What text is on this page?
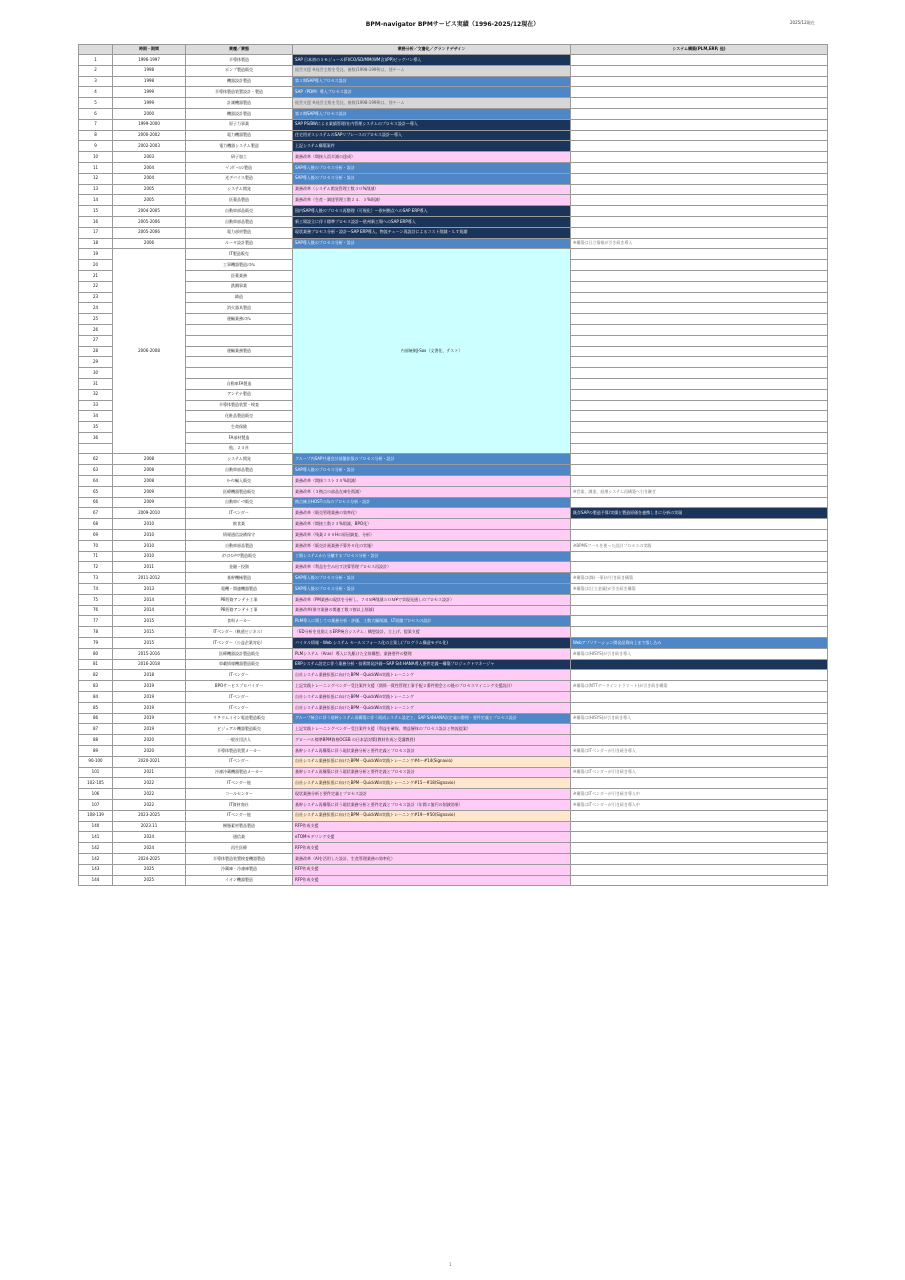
BPM-navigator BPMサービス実績（1996-2025/12現在）	2025/12現在
	時期・期間	業種／業態	業務分析／文書化／グランドデザイン	システム構築(PLM,ERP, 他)
1	1996-1997	半導体製造	SAP 日本初の５モジュール(FI/CO/SD/MM(WM含)/PP)ビッグバン導入	
2	1998	ポンプ製造販売	経営支援 ※経営全般を受託、複数(1998-1999)は、別チーム	
3	1998	機器設計製造	第１期SAP導入プロセス設計	
4	1999	半導体製造装置設計・製造	SAP（PDM）導入プロセス設計	
5	1999	計測機器製造	経営支援 ※経営全般を受託、複数(1998-1999)は、別チーム	
6	2000	機器設計製造	第２期SAP導入プロセス設計	
7	1999-2000	原子力事業	SAP PS/BWによる業績管理/社内管理システムのプロセス設計～導入	
8	2000-2002	電力機器製造	住宅用ガスシステムのSAPリプレースのプロセス設計～導入	
9	2002-2003	電力機器システム製造	上記システム構築案件	
10	2003	研子加工	業務改革（間接人員半減の達成）	
11	2004	ﾍﾟﾝﾀﾞｰﾐｼﾝ製造	SAP導入後のプロセス分析・設計	
12	2004	光デバイス製造	SAP導入後のプロセス分析・設計	
13	2005	システム開発	業務改革（システム開発管理工数３０%削減）	
14	2005	医薬品製造	業務改革（生産・調達管理工数２４．５%削減）	
15	2004-2005	自動車部品販売	国内SAP導入後のプロセス再整理（可視化）～欧州拠点へのSAP ERP導入	
16	2005-2006	自動車部品製造	新工場設立に伴う標準プロセス設計～欧州新工場へのSAP ERP導入	
17	2005-2006	電力部材製造	現状業務プロセス分析・設計～SAP ERP導入、物流チェーン再設計によるコスト削減・ＬＴ短縮	
18	2006	ルータ設計製造	SAP導入後のプロセス分析・設計	※構築は日立情報が引き続き導入
19	2006-2008	IT製造販売	内部統制J-Sox（文書化、テスト）	
20		工事機器製造ｼｽﾃﾑ		
21		医薬業務		
22		鉄鋼事業		
23		鋳造		
24		消火器具製造		
25		運輸業務ｼｽﾃﾑ		
26				
27				
28		運輸業務製造		
29				
30				
31		自動車FA製造		
32		アンテナ製造		
33		半導体製造装置・検査		
34		化粧品製造販売		
35		生命保険		
36		FA部材製造		
		他、２５社		
62	2008	システム開発	グループ内SAP共通会計基盤拡張のプロセス分析・設計	
63	2008	自動車部品製造	SAP導入後のプロセス分析・設計	
64	2008	ｶｰﾃﾝ輸入販売	業務改革（間接コスト３０%削減）	
65	2009	医療機器製造販売	業務改革（３拠点の部品在庫を削減）	※営業、調達、経理システム再構築へ引き継ぎ
66	2009	自動車ﾊﾟｰﾂ販売	拠点統合HOSTの為のプロセス分析・設計	
67	2009-2010	ITベンダー	業務改革（販売管理業務の効率化）	既存SAPの製造予算/実績と製造原価を連携しきに分析の実現
68	2010	飲食業	業務改革（間接工数２３%削減、BPO化）	
69	2010	情報通信設備保守	業務改革（残業２００Hの原因調査、分析）	
70	2010	自動車部品製造	業務改革（販売計画業務予算外０化の実施）	※BPMSツールを使った設計プロセスの実践
71	2010	ｵﾌｨｽｲﾝﾃﾘｱ製造販売	工場システムから分離するプロセス分析・設計	
72	2011	金融・投資	業務改革（利益を生み出す決算管理プロセス再設計）	
73	2011-2012	基幹機械製造	SAP導入後のプロセス分析・設計	※構築は(株)一事)が引き続き構築
74	2013	電機・関連機器製造	SAP導入後のプロセス分析・設計	※構築は(日立金属)が引き続き構築
75	2014	PB管路アンテナ工事	業務改革（PM業務の現状を分析し、７０Ｍ¥削減５０Ｍ¥で実現見通しのプロセス設計）	
76	2014	PB管路アンテナ工事	業務改革(保守業務の関連工数３割以上削減)	
77	2015	食料メーカー	PLM導入に関しての業務分析・評価、工数大幅削減、LT短縮プロセスの設計	
78	2015	ITベンダー（軌道ビジネス）	「ED分析を見据えるERP統合システム」構想設計、立上げ、提案支援	
79	2015	ITベンダー（公益企業対応）	バイタル情報・Web システム セールスフォース化の立案し(プログラム構造モデル化)	Webアプリケーション開発品質向上まで落し込み
80	2015-2016	医療機器設計製造販売	PLMシステム（Aras）導入に先駆けた全体構想、業務要件の整理	※構築は(HISYS)が引き続き導入
81	2016-2018	車載情報機器製造販売	ERPシステム設定に伴う業務分析・技術開発評価～SAP S/4 HANA導入要件定義～構築プロジェクトマネージャ	
82	2018	ITベンダー	自社システム業務拡張に向けたBPM－QuickWin実践トレーニング	
83	2019	BPOサービスプロバイダー	上記実践トレーニングベンダー受注案件支援（関係一貫性管理工事手配２番件照会との後のプロセスマイニング支援設計）	※構築は(NTTデータイントラマート)が引き続き構築
84	2019	ITベンダー	自社システム業務拡張に向けたBPM－QuickWin実践トレーニング	
85	2019	ITベンダー	自社システム業務拡張に向けたBPM－QuickWin実践トレーニング	
86	2019	リチウムイオン電池製造販売	グループ統合に伴う基幹システム再構築に伴う既成システム設定と、SAP S/4HANA次定義の整理・要件定義とプロセス設計	※構築は(HISYS)が引き続き導入
87	2019	ビジュアル機器製造販売	上記実践トレーニングベンダー受注案件支援（利益を確保、増益層体のプロセス設計と物流提案）	
88	2020	一般社団法人	グローバル標準BPM資格OCEB の日本語対策(教材作成と受講教授)	
89	2020	半導体製造装置メーカー	基幹システム再構築に伴う現状業務分析と要件定義とプロセス設計	※構築はITベンダーが引き続き導入
90-100	2020-2021	ITベンダー	自社システム業務拡張に向けたBPM－QuickWin実践トレーニング#4～#14(Signavio)	
101	2021	冷凍冷蔵機器製造メーカー	基幹システム再構築に伴う現状業務分析と要件定義とプロセス設計	※構築はITベンダーが引き続き導入
102-105	2022	ITベンダー他	自社システム業務拡張に向けたBPM－QuickWin実践トレーニング#15～#18(Signavio)	
106	2022	コールセンター	現状業務分析と要件定義とプロセス設計	※構築はITベンダーが引き続き導入中
107	2022	IT資材商社	基幹システム再構築に伴う現状業務分析と要件定義とプロセス設計（年間２億円の削減効果）	※構築はITベンダーが引き続き導入中
108-139	2023-2025	ITベンダー他	自社システム業務拡張に向けたBPM－QuickWin実践トレーニング#19～#50(Signavio)	
140	2023.11	樹脂素材製品製造	RFP作成支援	
141	2024	通信業	eTOMモデリング支援	
142	2024	再生医療	RFP作成支援	
142	2024-2025	半導体製造装置検査機器製造	業務改革（AIを活用した設計、生産管理業務の効率化）	
143	2025	冷蔵庫・冷凍庫製造	RFP作成支援	
144	2025	イオン機器製造	RFP作成支援	
1
